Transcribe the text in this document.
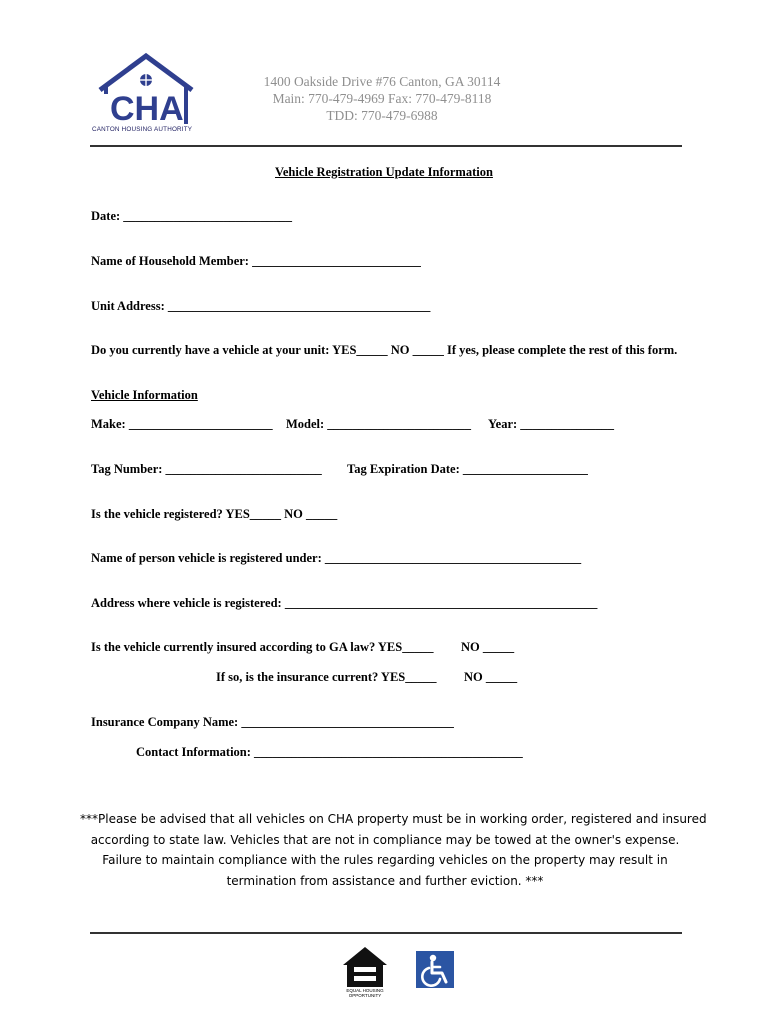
CHA
CANTON HOUSING AUTHORITY
1400 Oakside Drive #76 Canton, GA 30114
Main: 770-479-4969 Fax: 770-479-8118
TDD: 770-479-6988
Vehicle Registration Update Information
Date: ___________________________
Name of Household Member: ___________________________
Unit Address: __________________________________________
Do you currently have a vehicle at your unit: YES_____ NO _____ If yes, please complete the rest of this form.
Vehicle Information
Make: _______________________ Model: _______________________ Year: _______________
Tag Number: _________________________ Tag Expiration Date: ____________________
Is the vehicle registered? YES_____ NO _____
Name of person vehicle is registered under: _________________________________________
Address where vehicle is registered: __________________________________________________
Is the vehicle currently insured according to GA law? YES_____ NO _____
If so, is the insurance current? YES_____ NO _____
Insurance Company Name: __________________________________
Contact Information: ___________________________________________
***Please be advised that all vehicles on CHA property must be in working order, registered and insured
according to state law. Vehicles that are not in compliance may be towed at the owner's expense.
Failure to maintain compliance with the rules regarding vehicles on the property may result in
termination from assistance and further eviction. ***
EQUAL HOUSING OPPORTUNITY
